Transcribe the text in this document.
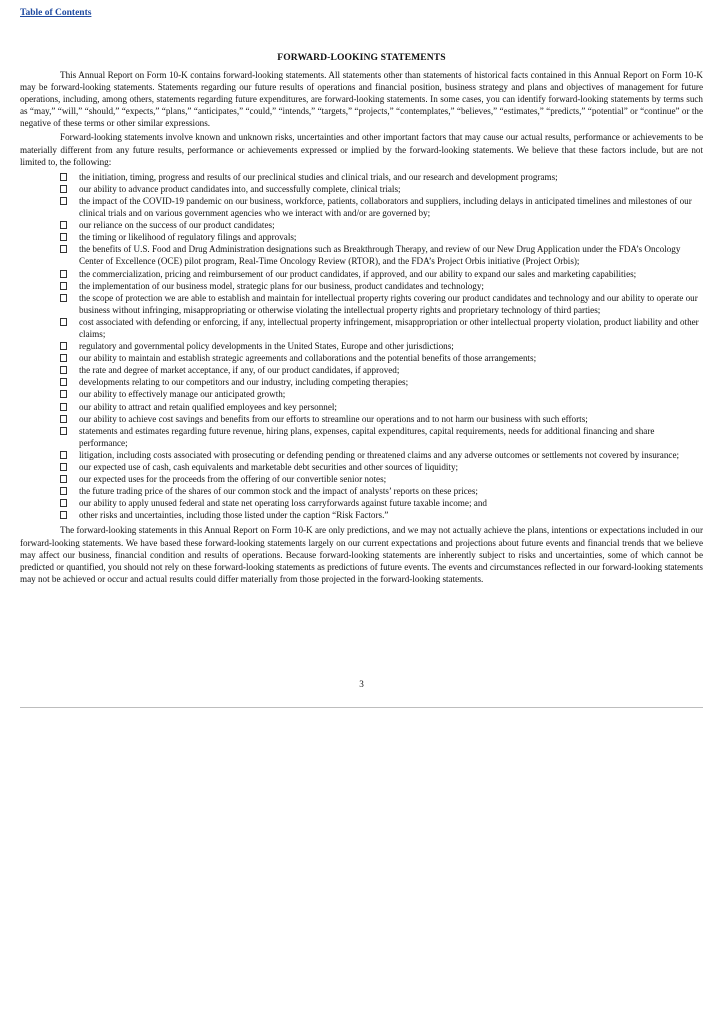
Table of Contents
FORWARD-LOOKING STATEMENTS

This Annual Report on Form 10-K contains forward-looking statements. All statements other than statements of historical facts contained in this Annual Report on Form 10-K may be forward-looking statements. Statements regarding our future results of operations and financial position, business strategy and plans and objectives of management for future operations, including, among others, statements regarding future expenditures, are forward-looking statements. In some cases, you can identify forward-looking statements by terms such as “may,” “will,” “should,” “expects,” “plans,” “anticipates,” “could,” “intends,” “targets,” “projects,” “contemplates,” “believes,” “estimates,” “predicts,” “potential” or “continue” or the negative of these terms or other similar expressions.

Forward-looking statements involve known and unknown risks, uncertainties and other important factors that may cause our actual results, performance or achievements to be materially different from any future results, performance or achievements expressed or implied by the forward-looking statements. We believe that these factors include, but are not limited to, the following:

the initiation, timing, progress and results of our preclinical studies and clinical trials, and our research and development programs;
our ability to advance product candidates into, and successfully complete, clinical trials;
the impact of the COVID-19 pandemic on our business, workforce, patients, collaborators and suppliers, including delays in anticipated timelines and milestones of our clinical trials and on various government agencies who we interact with and/or are governed by;
our reliance on the success of our product candidates;
the timing or likelihood of regulatory filings and approvals;
the benefits of U.S. Food and Drug Administration designations such as Breakthrough Therapy, and review of our New Drug Application under the FDA’s Oncology Center of Excellence (OCE) pilot program, Real-Time Oncology Review (RTOR), and the FDA’s Project Orbis initiative (Project Orbis);
the commercialization, pricing and reimbursement of our product candidates, if approved, and our ability to expand our sales and marketing capabilities;
the implementation of our business model, strategic plans for our business, product candidates and technology;
the scope of protection we are able to establish and maintain for intellectual property rights covering our product candidates and technology and our ability to operate our business without infringing, misappropriating or otherwise violating the intellectual property rights and proprietary technology of third parties;
cost associated with defending or enforcing, if any, intellectual property infringement, misappropriation or other intellectual property violation, product liability and other claims;
regulatory and governmental policy developments in the United States, Europe and other jurisdictions;
our ability to maintain and establish strategic agreements and collaborations and the potential benefits of those arrangements;
the rate and degree of market acceptance, if any, of our product candidates, if approved;
developments relating to our competitors and our industry, including competing therapies;
our ability to effectively manage our anticipated growth;
our ability to attract and retain qualified employees and key personnel;
our ability to achieve cost savings and benefits from our efforts to streamline our operations and to not harm our business with such efforts;
statements and estimates regarding future revenue, hiring plans, expenses, capital expenditures, capital requirements, needs for additional financing and share performance;
litigation, including costs associated with prosecuting or defending pending or threatened claims and any adverse outcomes or settlements not covered by insurance;
our expected use of cash, cash equivalents and marketable debt securities and other sources of liquidity;
our expected uses for the proceeds from the offering of our convertible senior notes;
the future trading price of the shares of our common stock and the impact of analysts’ reports on these prices;
our ability to apply unused federal and state net operating loss carryforwards against future taxable income; and
other risks and uncertainties, including those listed under the caption “Risk Factors.”

The forward-looking statements in this Annual Report on Form 10-K are only predictions, and we may not actually achieve the plans, intentions or expectations included in our forward-looking statements. We have based these forward-looking statements largely on our current expectations and projections about future events and financial trends that we believe may affect our business, financial condition and results of operations. Because forward-looking statements are inherently subject to risks and uncertainties, some of which cannot be predicted or quantified, you should not rely on these forward-looking statements as predictions of future events. The events and circumstances reflected in our forward-looking statements may not be achieved or occur and actual results could differ materially from those projected in the forward-looking statements.

3
